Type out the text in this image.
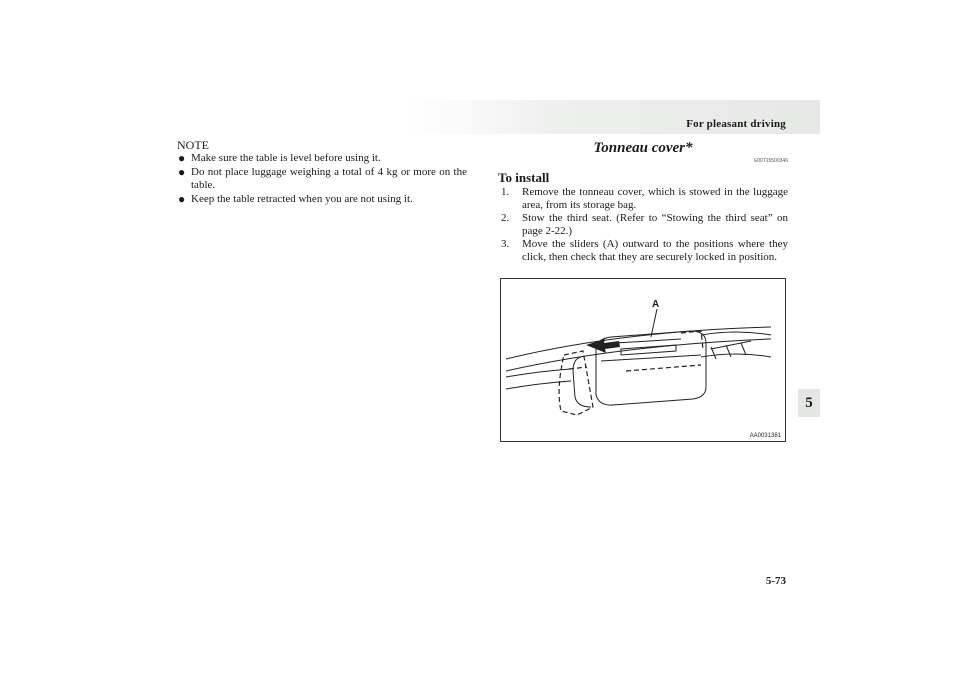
For pleasant driving
5
5-73
NOTE
● Make sure the table is level before using it.
● Do not place luggage weighing a total of 4 kg or more on the table.
● Keep the table retracted when you are not using it.
Tonneau cover*
E00715500346
To install
1.	Remove the tonneau cover, which is stowed in the luggage area, from its storage bag.
2.	Stow the third seat. (Refer to “Stowing the third seat” on page 2-22.)
3.	Move the sliders (A) outward to the positions where they click, then check that they are securely locked in position.
A
AA0031381
